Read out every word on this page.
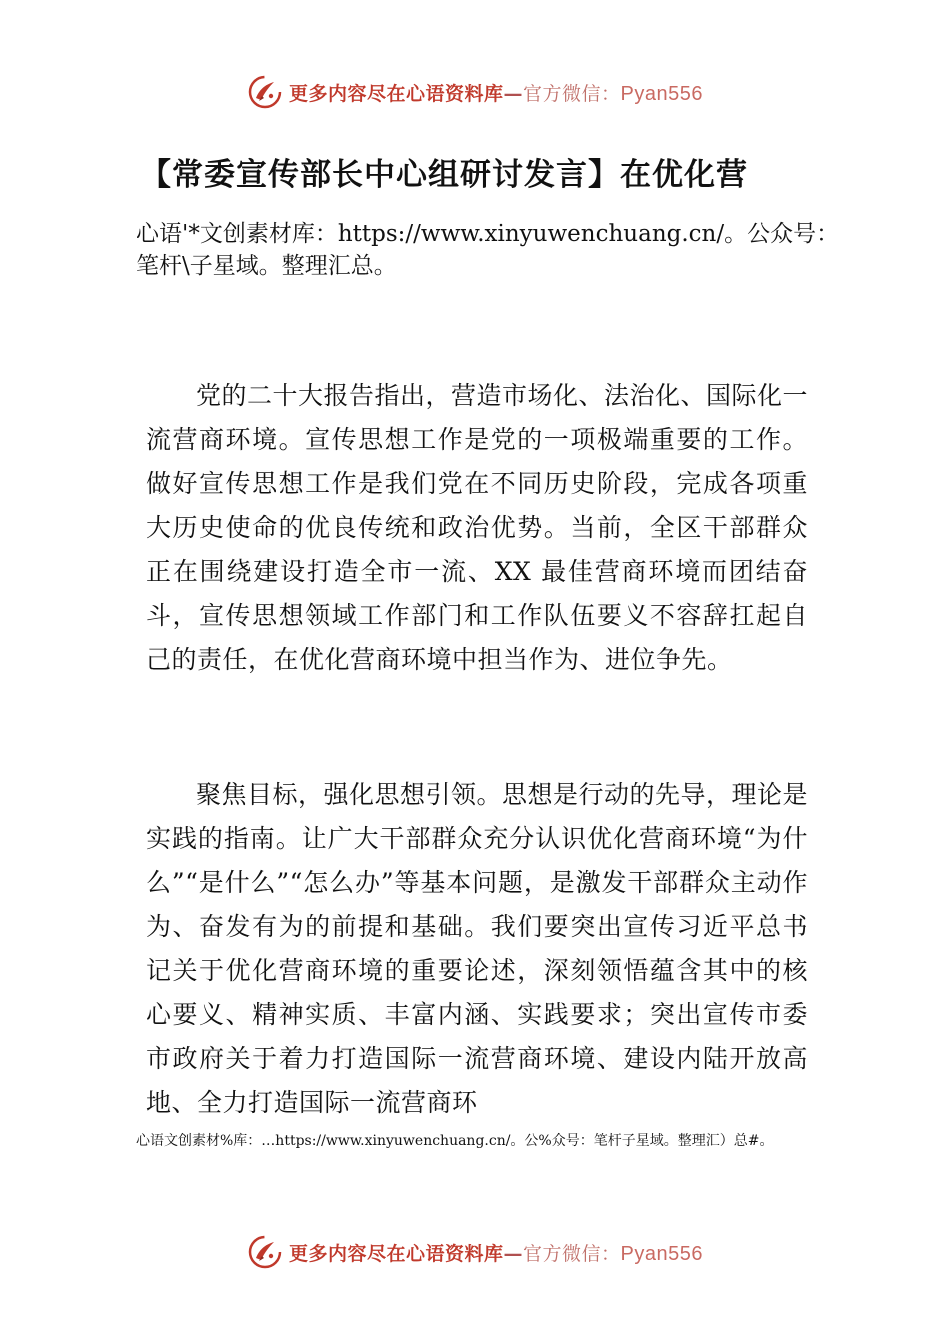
更多内容尽在心语资料库—官方微信：Pyan556
【常委宣传部长中心组研讨发言】在优化营
心语'*文创素材库：https://www.xinyuwenchuang.cn/。公众号：笔杆\子星域。整理汇总。

党的二十大报告指出，营造市场化、法治化、国际化一流营商环境。宣传思想工作是党的一项极端重要的工作。做好宣传思想工作是我们党在不同历史阶段，完成各项重大历史使命的优良传统和政治优势。当前，全区干部群众正在围绕建设打造全市一流、XX 最佳营商环境而团结奋斗，宣传思想领域工作部门和工作队伍要义不容辞扛起自己的责任，在优化营商环境中担当作为、进位争先。

聚焦目标，强化思想引领。思想是行动的先导，理论是实践的指南。让广大干部群众充分认识优化营商环境“为什么”“是什么”“怎么办”等基本问题，是激发干部群众主动作为、奋发有为的前提和基础。我们要突出宣传习近平总书记关于优化营商环境的重要论述，深刻领悟蕴含其中的核心要义、精神实质、丰富内涵、实践要求；突出宣传市委市政府关于着力打造国际一流营商环境、建设内陆开放高地、全力打造国际一流营商环

心语文创素材%库：…https://www.xinyuwenchuang.cn/。公%众号：笔杆子星域。整理汇）总#。
更多内容尽在心语资料库—官方微信：Pyan556
